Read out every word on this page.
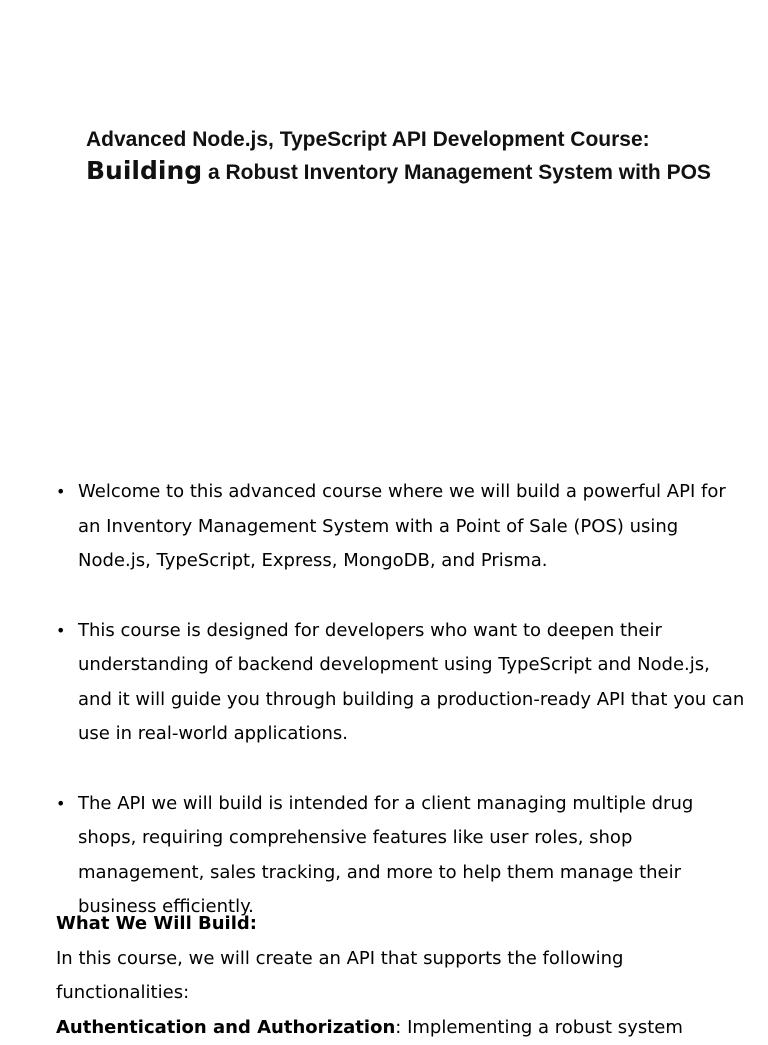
Advanced Node.js, TypeScript API Development Course:
Building a Robust Inventory Management System with POS
• Welcome to this advanced course where we will build a powerful API for an Inventory Management System with a Point of Sale (POS) using Node.js, TypeScript, Express, MongoDB, and Prisma.
• This course is designed for developers who want to deepen their understanding of backend development using TypeScript and Node.js, and it will guide you through building a production-ready API that you can use in real-world applications.
• The API we will build is intended for a client managing multiple drug shops, requiring comprehensive features like user roles, shop management, sales tracking, and more to help them manage their business efficiently.
What We Will Build:

In this course, we will create an API that supports the following functionalities:

Authentication and Authorization: Implementing a robust system
